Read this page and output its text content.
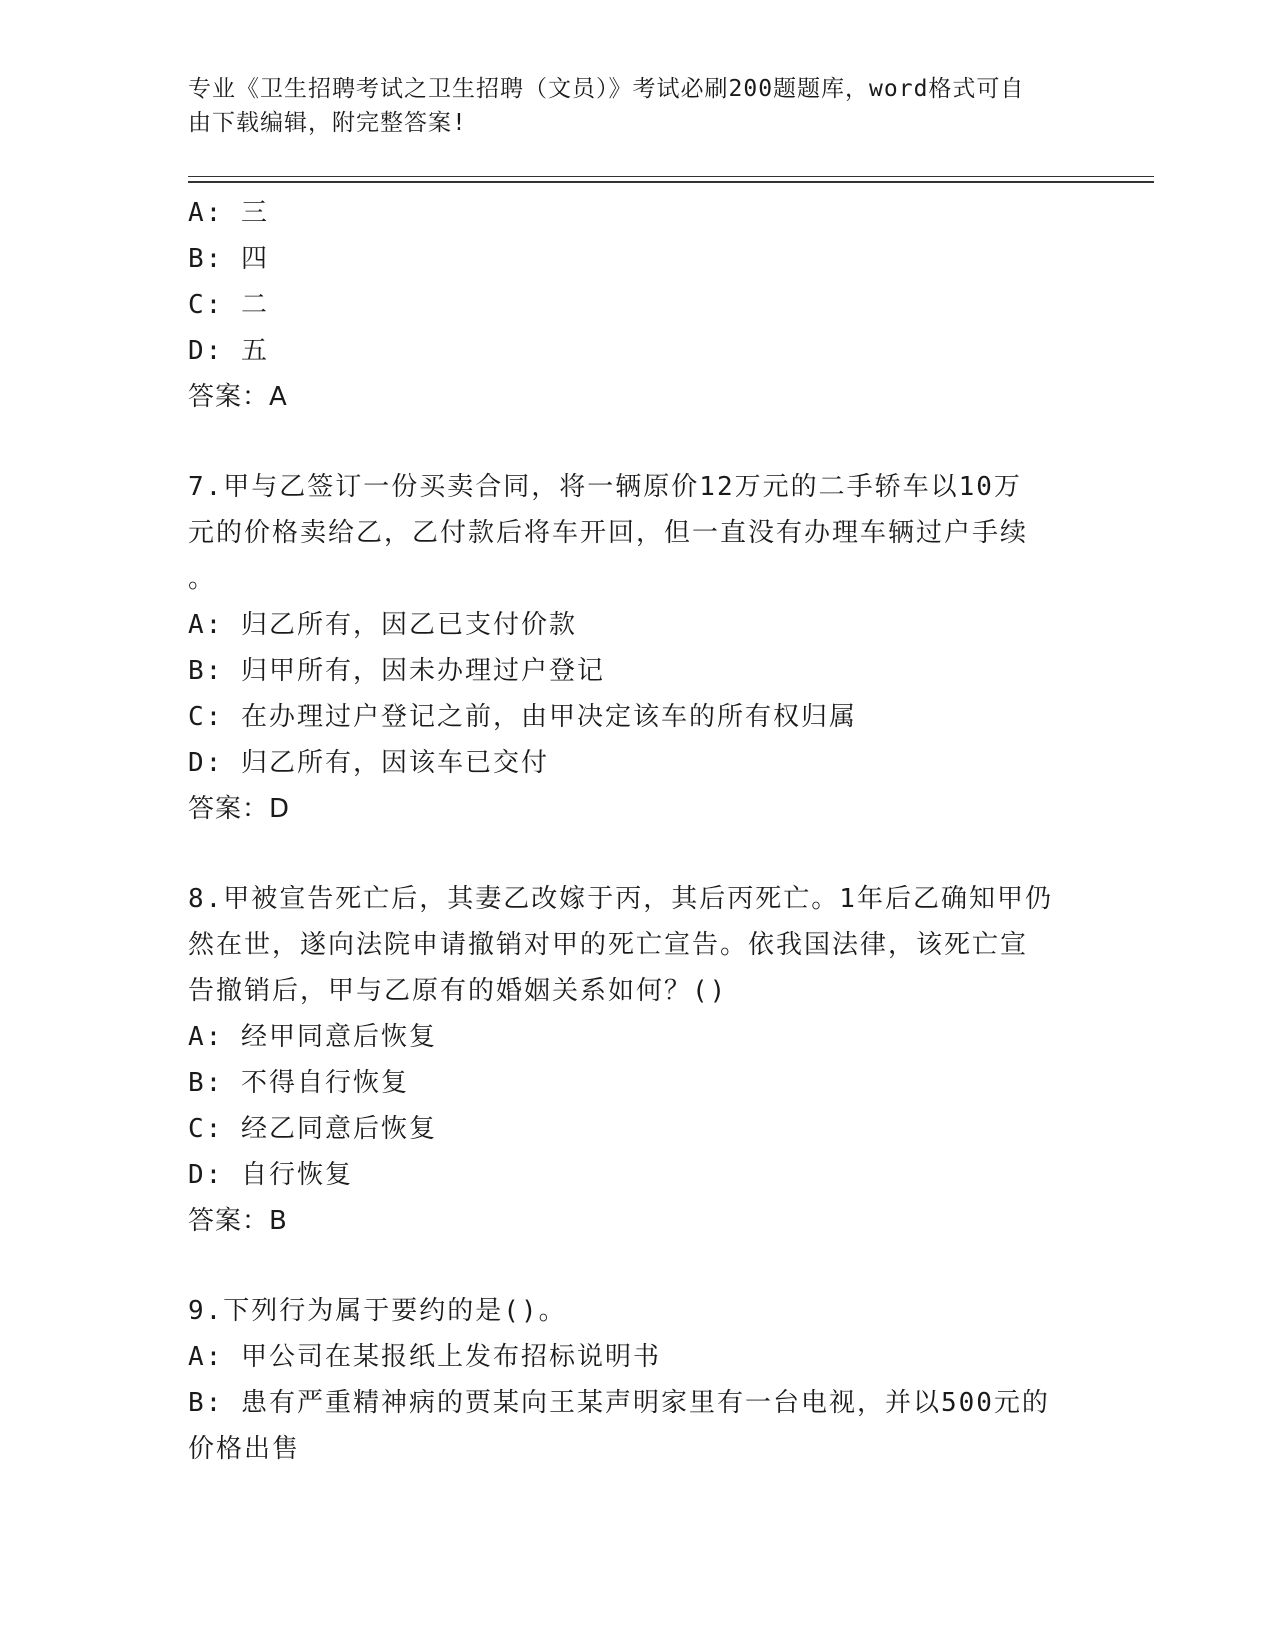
专业《卫生招聘考试之卫生招聘（文员）》考试必刷200题题库，word格式可自
由下载编辑，附完整答案!
A: 三
B: 四
C: 二
D: 五
答案：A
7.甲与乙签订一份买卖合同，将一辆原价12万元的二手轿车以10万
元的价格卖给乙，乙付款后将车开回，但一直没有办理车辆过户手续
。
A: 归乙所有，因乙已支付价款
B: 归甲所有，因未办理过户登记
C: 在办理过户登记之前，由甲决定该车的所有权归属
D: 归乙所有，因该车已交付
答案：D
8.甲被宣告死亡后，其妻乙改嫁于丙，其后丙死亡。1年后乙确知甲仍
然在世，遂向法院申请撤销对甲的死亡宣告。依我国法律，该死亡宣
告撤销后，甲与乙原有的婚姻关系如何？()
A: 经甲同意后恢复
B: 不得自行恢复
C: 经乙同意后恢复
D: 自行恢复
答案：B
9.下列行为属于要约的是()。
A: 甲公司在某报纸上发布招标说明书
B: 患有严重精神病的贾某向王某声明家里有一台电视，并以500元的
价格出售
